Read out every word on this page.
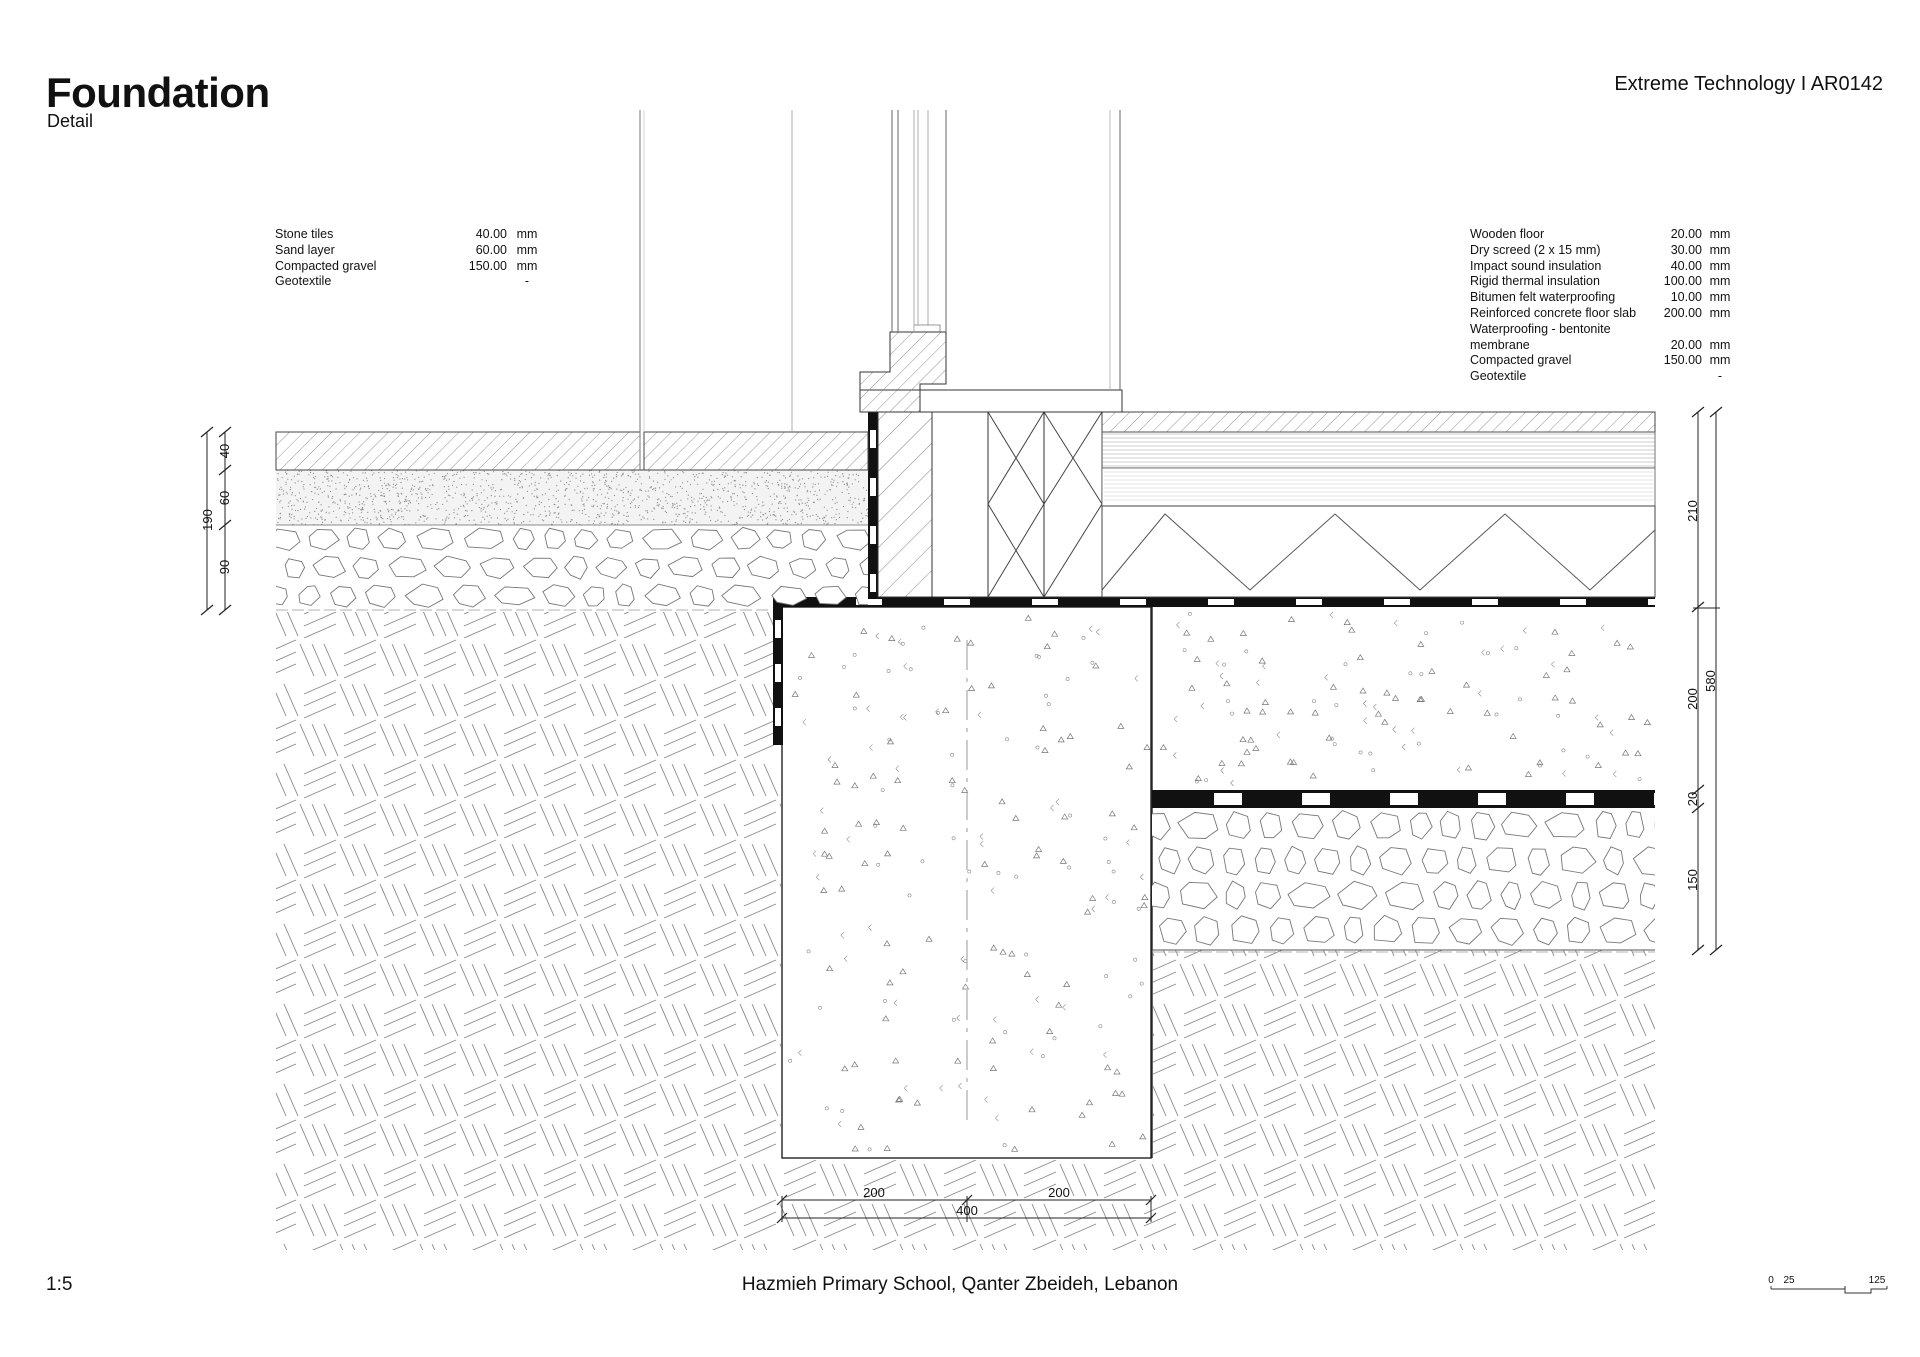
Foundation
Detail
Extreme Technology I AR0142
Stone tiles	40.00 mm
Sand layer	60.00 mm
Compacted gravel	150.00 mm
Geotextile	-
Wooden floor	20.00 mm
Dry screed (2 x 15 mm)	30.00 mm
Impact sound insulation	40.00 mm
Rigid thermal insulation	100.00 mm
Bitumen felt waterproofing	10.00 mm
Reinforced concrete floor slab	200.00 mm
Waterproofing - bentonite
membrane	20.00 mm
Compacted gravel	150.00 mm
Geotextile	-
40
60
90
190	210
200
20
150
580
200	200
400
0 25	125
1:5	Hazmieh Primary School, Qanter Zbeideh, Lebanon
